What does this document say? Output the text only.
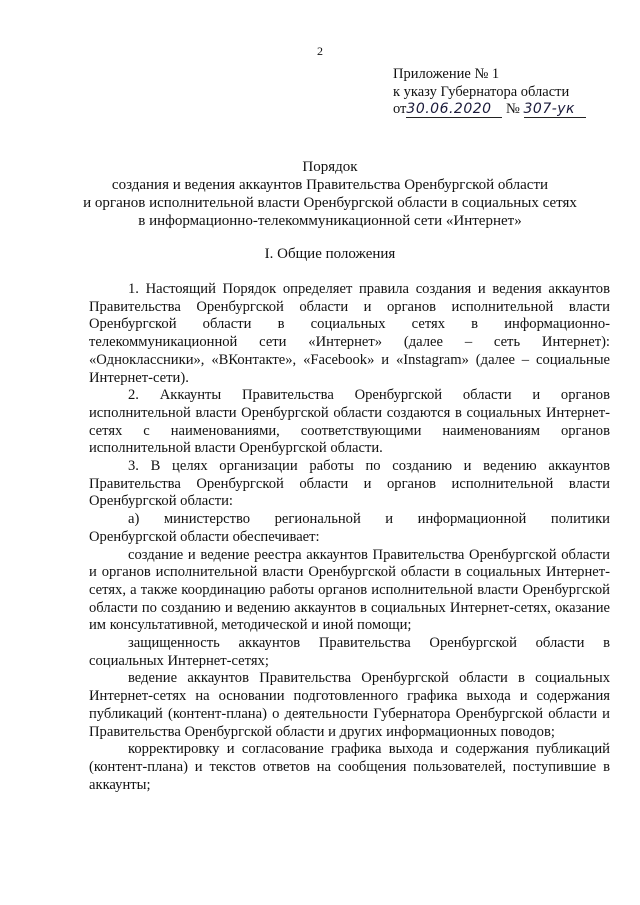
2
Приложение № 1
к указу Губернатора области
от30.06.2020 № 307-ук
Порядок
создания и ведения аккаунтов Правительства Оренбургской области
и органов исполнительной власти Оренбургской области в социальных сетях
в информационно-телекоммуникационной сети «Интернет»
I. Общие положения

1. Настоящий Порядок определяет правила создания и ведения аккаунтов Правительства Оренбургской области и органов исполнительной власти Оренбургской области в социальных сетях в информационно-телекоммуникационной сети «Интернет» (далее – сеть Интернет): «Одноклассники», «ВКонтакте», «Facebook» и «Instagram» (далее – социальные Интернет-сети).

2. Аккаунты Правительства Оренбургской области и органов исполнительной власти Оренбургской области создаются в социальных Интернет-сетях с наименованиями, соответствующими наименованиям органов исполнительной власти Оренбургской области.

3. В целях организации работы по созданию и ведению аккаунтов Правительства Оренбургской области и органов исполнительной власти Оренбургской области:

а) министерство региональной и информационной политики

Оренбургской области обеспечивает:

создание и ведение реестра аккаунтов Правительства Оренбургской области и органов исполнительной власти Оренбургской области в социальных Интернет-сетях, а также координацию работы органов исполнительной власти Оренбургской области по созданию и ведению аккаунтов в социальных Интернет-сетях, оказание им консультативной, методической и иной помощи;

защищенность аккаунтов Правительства Оренбургской области в социальных Интернет-сетях;

ведение аккаунтов Правительства Оренбургской области в социальных Интернет-сетях на основании подготовленного графика выхода и содержания публикаций (контент-плана) о деятельности Губернатора Оренбургской области и Правительства Оренбургской области и других информационных поводов;

корректировку и согласование графика выхода и содержания публикаций (контент-плана) и текстов ответов на сообщения пользователей, поступившие в аккаунты;
